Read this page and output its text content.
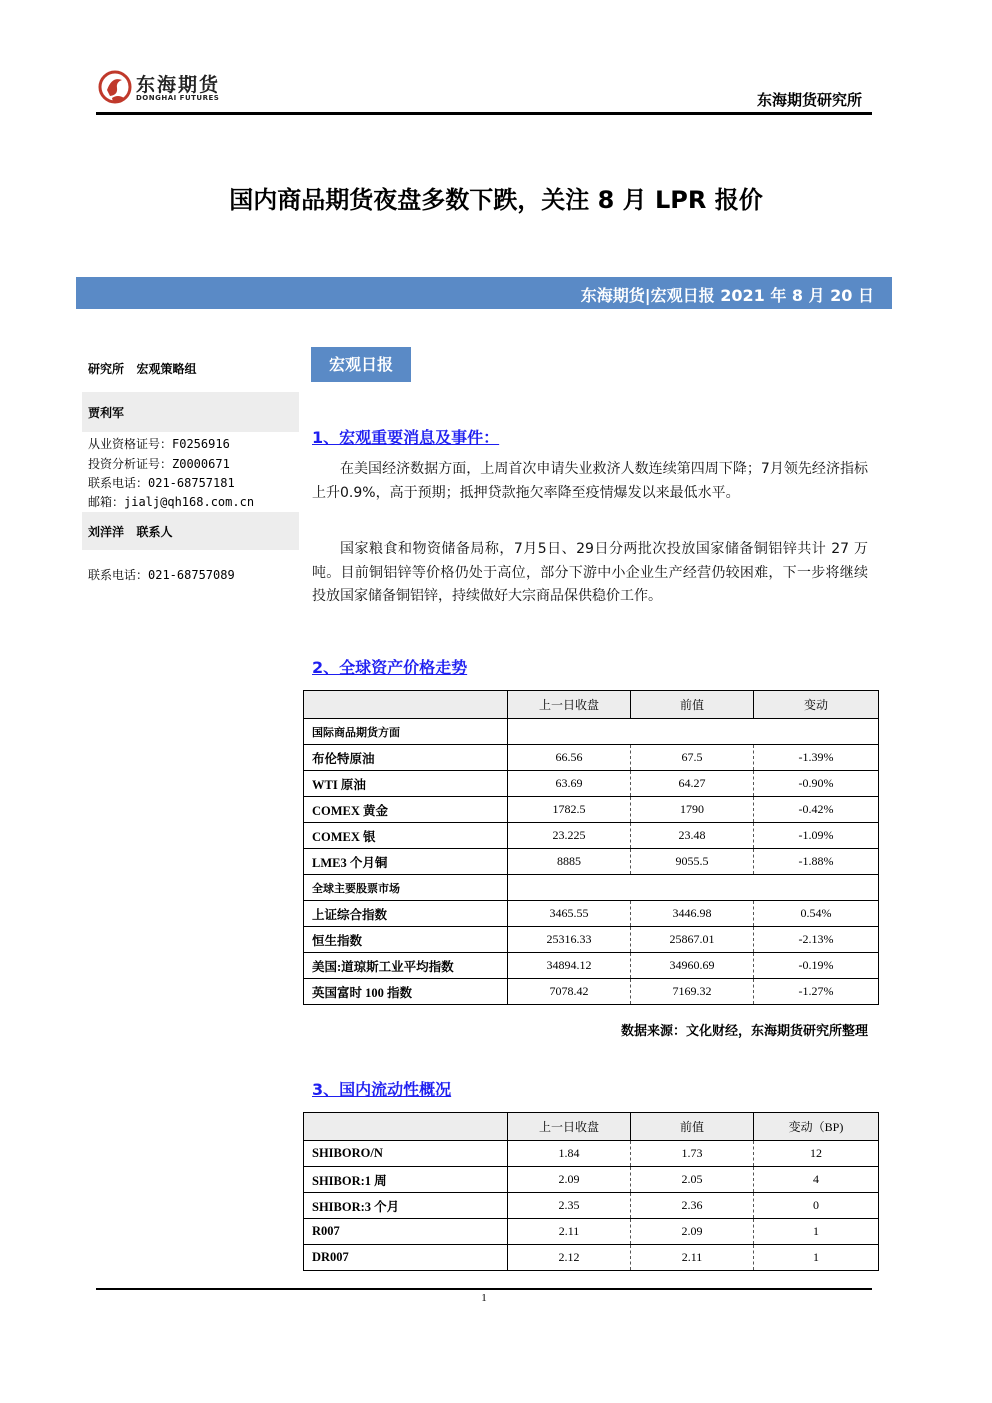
东海期货
DONGHAI FUTURES	东海期货研究所
国内商品期货夜盘多数下跌，关注 8 月 LPR 报价
东海期货|宏观日报 2021 年 8 月 20 日
研究所   宏观策略组
贾利军
从业资格证号：F0256916
投资分析证号：Z0000671
联系电话：021-68757181
邮箱：jialj@qh168.com.cn
刘洋洋   联系人
联系电话：021-68757089
宏观日报
1、宏观重要消息及事件：
在美国经济数据方面，上周首次申请失业救济人数连续第四周下降；7月领先经济指标上升0.9%，高于预期；抵押贷款拖欠率降至疫情爆发以来最低水平。
国家粮食和物资储备局称，7月5日、29日分两批次投放国家储备铜铝锌共计 27 万吨。目前铜铝锌等价格仍处于高位，部分下游中小企业生产经营仍较困难，下一步将继续投放国家储备铜铝锌，持续做好大宗商品保供稳价工作。
2、全球资产价格走势
	上一日收盘	前值	变动
国际商品期货方面			
布伦特原油	66.56	67.5	-1.39%
WTI 原油	63.69	64.27	-0.90%
COMEX 黄金	1782.5	1790	-0.42%
COMEX 银	23.225	23.48	-1.09%
LME3 个月铜	8885	9055.5	-1.88%
全球主要股票市场			
上证综合指数	3465.55	3446.98	0.54%
恒生指数	25316.33	25867.01	-2.13%
美国:道琼斯工业平均指数	34894.12	34960.69	-0.19%
英国富时 100 指数	7078.42	7169.32	-1.27%
数据来源：文化财经，东海期货研究所整理
3、国内流动性概况
	上一日收盘	前值	变动（BP)
SHIBORO/N	1.84	1.73	12
SHIBOR:1 周	2.09	2.05	4
SHIBOR:3 个月	2.35	2.36	0
R007	2.11	2.09	1
DR007	2.12	2.11	1
1
